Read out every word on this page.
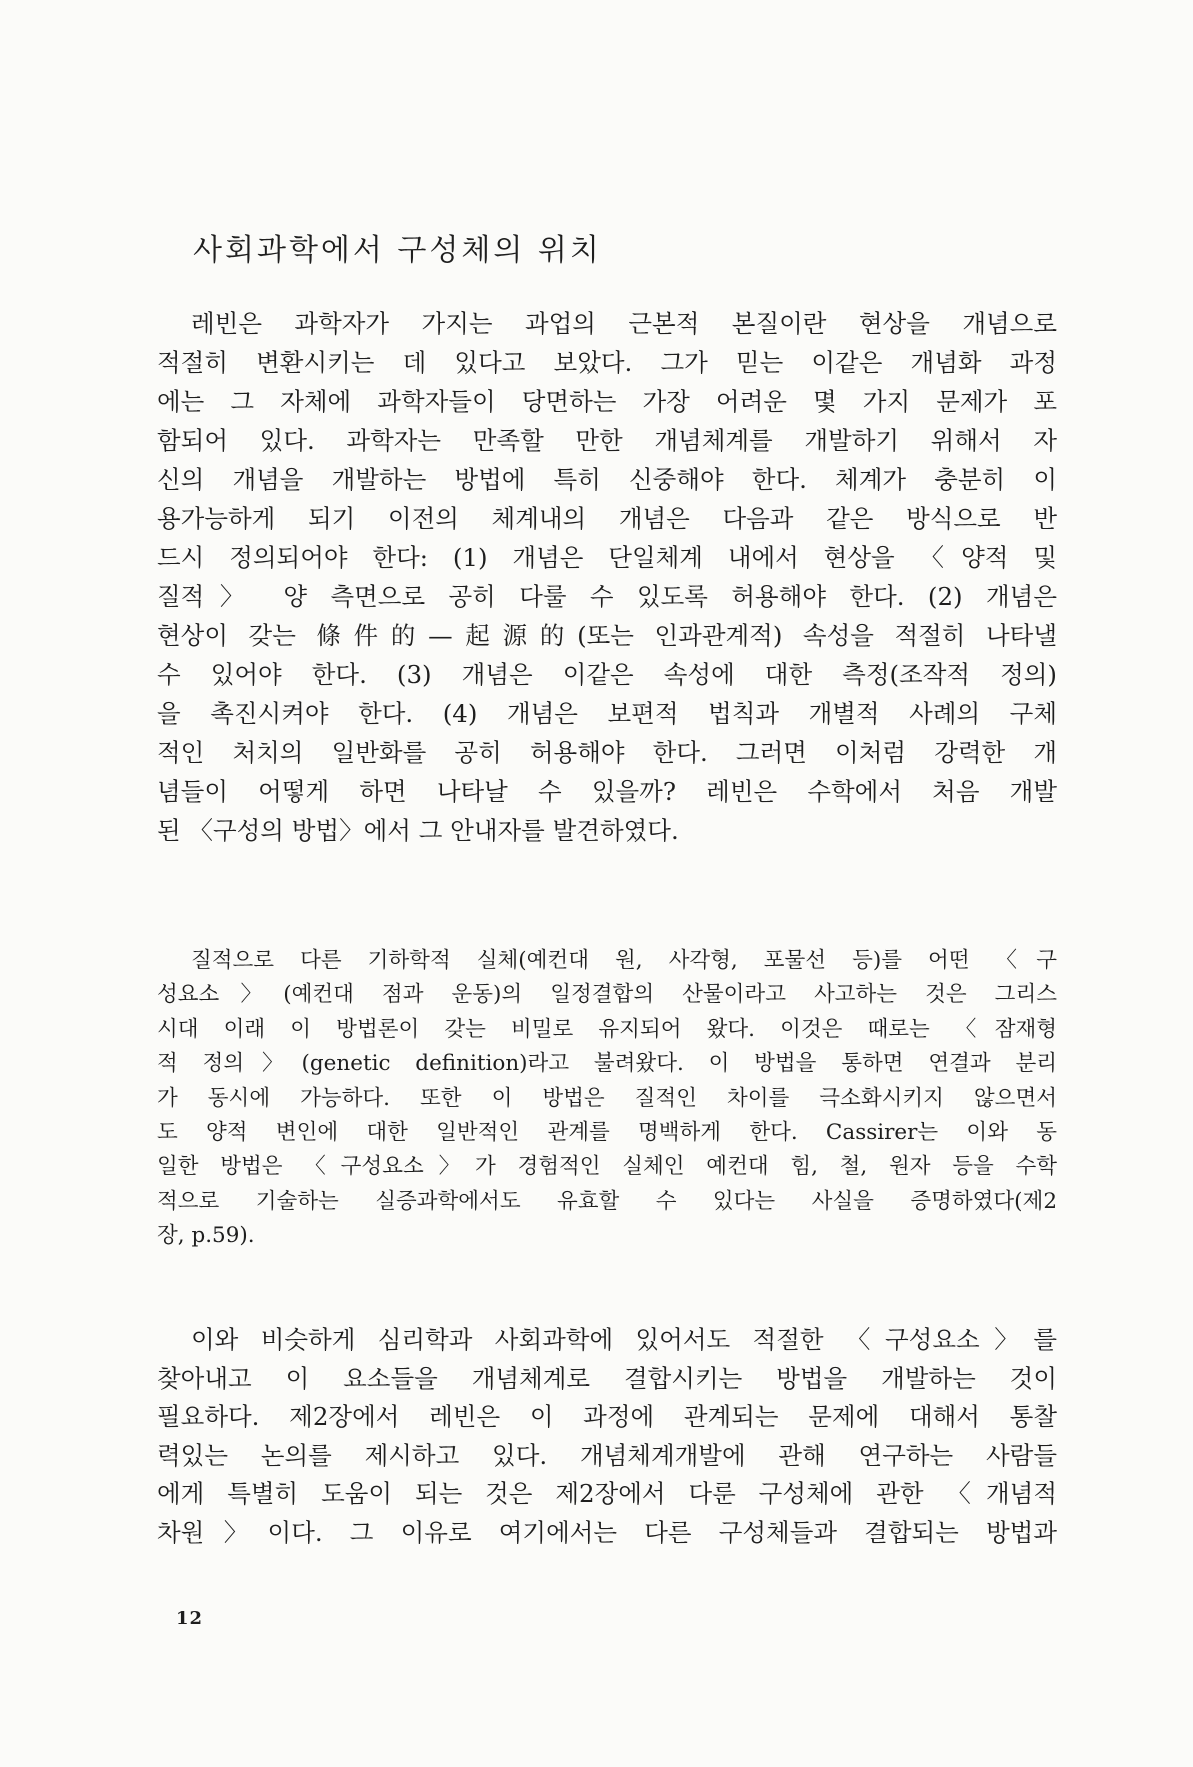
사회과학에서 구성체의 위치

레빈은 과학자가 가지는 과업의 근본적 본질이란 현상을 개념으로
적절히 변환시키는 데 있다고 보았다. 그가 믿는 이같은 개념화 과정
에는 그 자체에 과학자들이 당면하는 가장 어려운 몇 가지 문제가 포
함되어 있다. 과학자는 만족할 만한 개념체계를 개발하기 위해서 자
신의 개념을 개발하는 방법에 특히 신중해야 한다. 체계가 충분히 이
용가능하게 되기 이전의 체계내의 개념은 다음과 같은 방식으로 반
드시 정의되어야 한다: (1) 개념은 단일체계 내에서 현상을 〈양적 및
질적〉 양 측면으로 공히 다룰 수 있도록 허용해야 한다. (2) 개념은
현상이 갖는 條件的—起源的(또는 인과관계적) 속성을 적절히 나타낼
수 있어야 한다. (3) 개념은 이같은 속성에 대한 측정(조작적 정의)
을 촉진시켜야 한다. (4) 개념은 보편적 법칙과 개별적 사례의 구체
적인 처치의 일반화를 공히 허용해야 한다. 그러면 이처럼 강력한 개
념들이 어떻게 하면 나타날 수 있을까? 레빈은 수학에서 처음 개발
된 〈구성의 방법〉에서 그 안내자를 발견하였다.

질적으로 다른 기하학적 실체(예컨대 원, 사각형, 포물선 등)를 어떤 〈구
성요소〉(예컨대 점과 운동)의 일정결합의 산물이라고 사고하는 것은 그리스
시대 이래 이 방법론이 갖는 비밀로 유지되어 왔다. 이것은 때로는 〈잠재형
적 정의〉(genetic definition)라고 불려왔다. 이 방법을 통하면 연결과 분리
가 동시에 가능하다. 또한 이 방법은 질적인 차이를 극소화시키지 않으면서
도 양적 변인에 대한 일반적인 관계를 명백하게 한다. Cassirer는 이와 동
일한 방법은 〈구성요소〉가 경험적인 실체인 예컨대 힘, 철, 원자 등을 수학
적으로 기술하는 실증과학에서도 유효할 수 있다는 사실을 증명하였다(제2
장, p.59).

이와 비슷하게 심리학과 사회과학에 있어서도 적절한 〈구성요소〉를
찾아내고 이 요소들을 개념체계로 결합시키는 방법을 개발하는 것이
필요하다. 제2장에서 레빈은 이 과정에 관계되는 문제에 대해서 통찰
력있는 논의를 제시하고 있다. 개념체계개발에 관해 연구하는 사람들
에게 특별히 도움이 되는 것은 제2장에서 다룬 구성체에 관한 〈개념적
차원〉이다. 그 이유로 여기에서는 다른 구성체들과 결합되는 방법과

12
